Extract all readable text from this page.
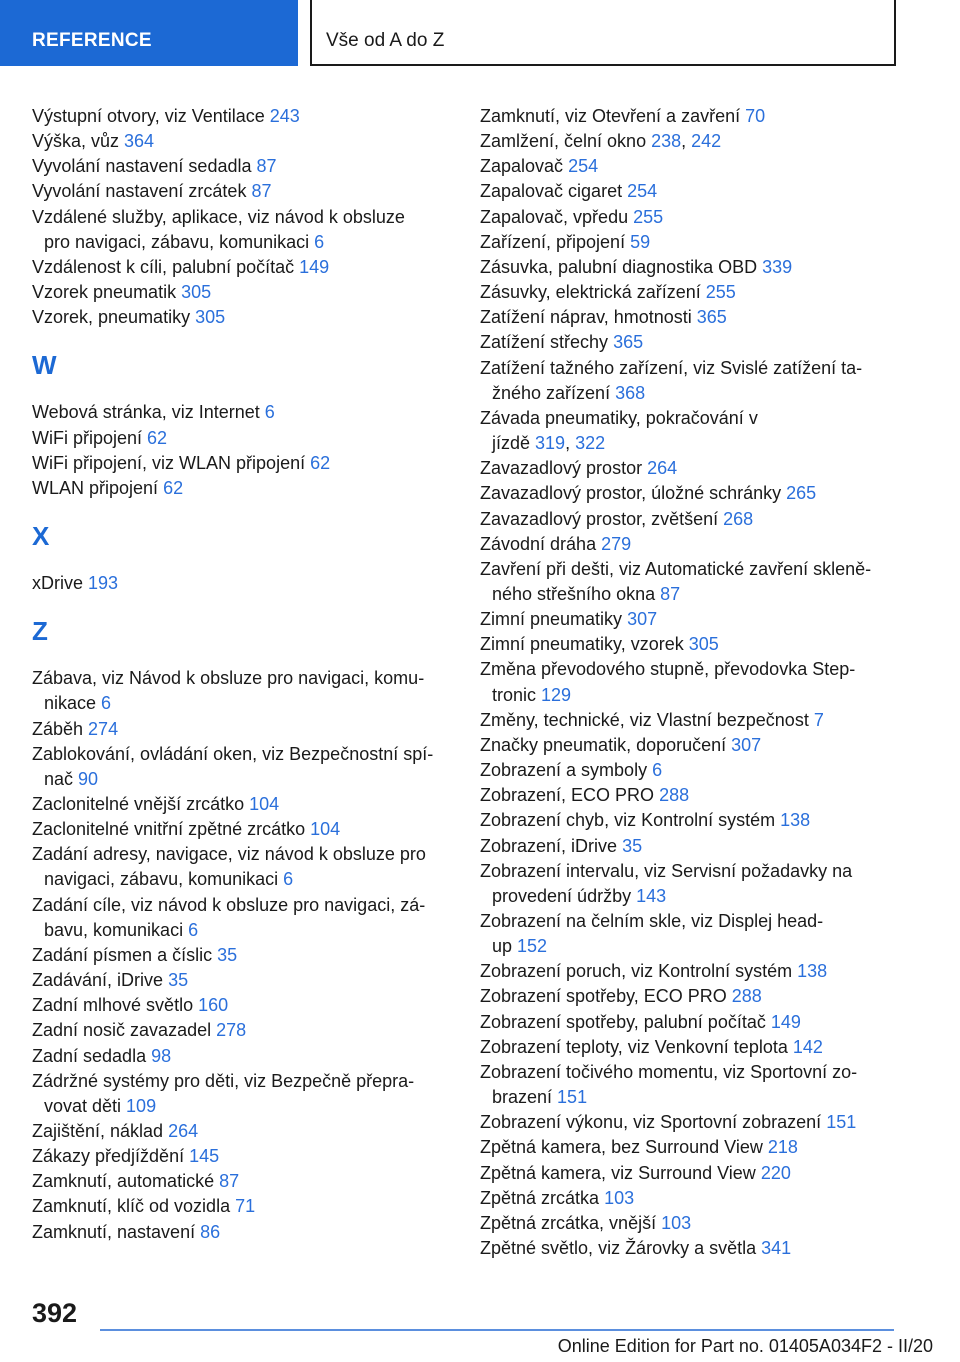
REFERENCE	Vše od A do Z
Výstupní otvory, viz Ventilace 243
Výška, vůz 364
Vyvolání nastavení sedadla 87
Vyvolání nastavení zrcátek 87
Vzdálené služby, aplikace, viz návod k obsluze
pro navigaci, zábavu, komunikaci 6
Vzdálenost k cíli, palubní počítač 149
Vzorek pneumatik 305
Vzorek, pneumatiky 305
W
Webová stránka, viz Internet 6
WiFi připojení 62
WiFi připojení, viz WLAN připojení 62
WLAN připojení 62
X
xDrive 193
Z
Zábava, viz Návod k obsluze pro navigaci, komu‐
nikace 6
Záběh 274
Zablokování, ovládání oken, viz Bezpečnostní spí‐
nač 90
Zaclonitelné vnější zrcátko 104
Zaclonitelné vnitřní zpětné zrcátko 104
Zadání adresy, navigace, viz návod k obsluze pro
navigaci, zábavu, komunikaci 6
Zadání cíle, viz návod k obsluze pro navigaci, zá‐
bavu, komunikaci 6
Zadání písmen a číslic 35
Zadávání, iDrive 35
Zadní mlhové světlo 160
Zadní nosič zavazadel 278
Zadní sedadla 98
Zádržné systémy pro děti, viz Bezpečně přepra‐
vovat děti 109
Zajištění, náklad 264
Zákazy předjíždění 145
Zamknutí, automatické 87
Zamknutí, klíč od vozidla 71
Zamknutí, nastavení 86
Zamknutí, viz Otevření a zavření 70
Zamlžení, čelní okno 238, 242
Zapalovač 254
Zapalovač cigaret 254
Zapalovač, vpředu 255
Zařízení, připojení 59
Zásuvka, palubní diagnostika OBD 339
Zásuvky, elektrická zařízení 255
Zatížení náprav, hmotnosti 365
Zatížení střechy 365
Zatížení tažného zařízení, viz Svislé zatížení ta‐
žného zařízení 368
Závada pneumatiky, pokračování v
jízdě 319, 322
Zavazadlový prostor 264
Zavazadlový prostor, úložné schránky 265
Zavazadlový prostor, zvětšení 268
Závodní dráha 279
Zavření při dešti, viz Automatické zavření skleně‐
ného střešního okna 87
Zimní pneumatiky 307
Zimní pneumatiky, vzorek 305
Změna převodového stupně, převodovka Step‐
tronic 129
Změny, technické, viz Vlastní bezpečnost 7
Značky pneumatik, doporučení 307
Zobrazení a symboly 6
Zobrazení, ECO PRO 288
Zobrazení chyb, viz Kontrolní systém 138
Zobrazení, iDrive 35
Zobrazení intervalu, viz Servisní požadavky na
provedení údržby 143
Zobrazení na čelním skle, viz Displej head-
up 152
Zobrazení poruch, viz Kontrolní systém 138
Zobrazení spotřeby, ECO PRO 288
Zobrazení spotřeby, palubní počítač 149
Zobrazení teploty, viz Venkovní teplota 142
Zobrazení točivého momentu, viz Sportovní zo‐
brazení 151
Zobrazení výkonu, viz Sportovní zobrazení 151
Zpětná kamera, bez Surround View 218
Zpětná kamera, viz Surround View 220
Zpětná zrcátka 103
Zpětná zrcátka, vnější 103
Zpětné světlo, viz Žárovky a světla 341
392
Online Edition for Part no. 01405A034F2 - II/20
